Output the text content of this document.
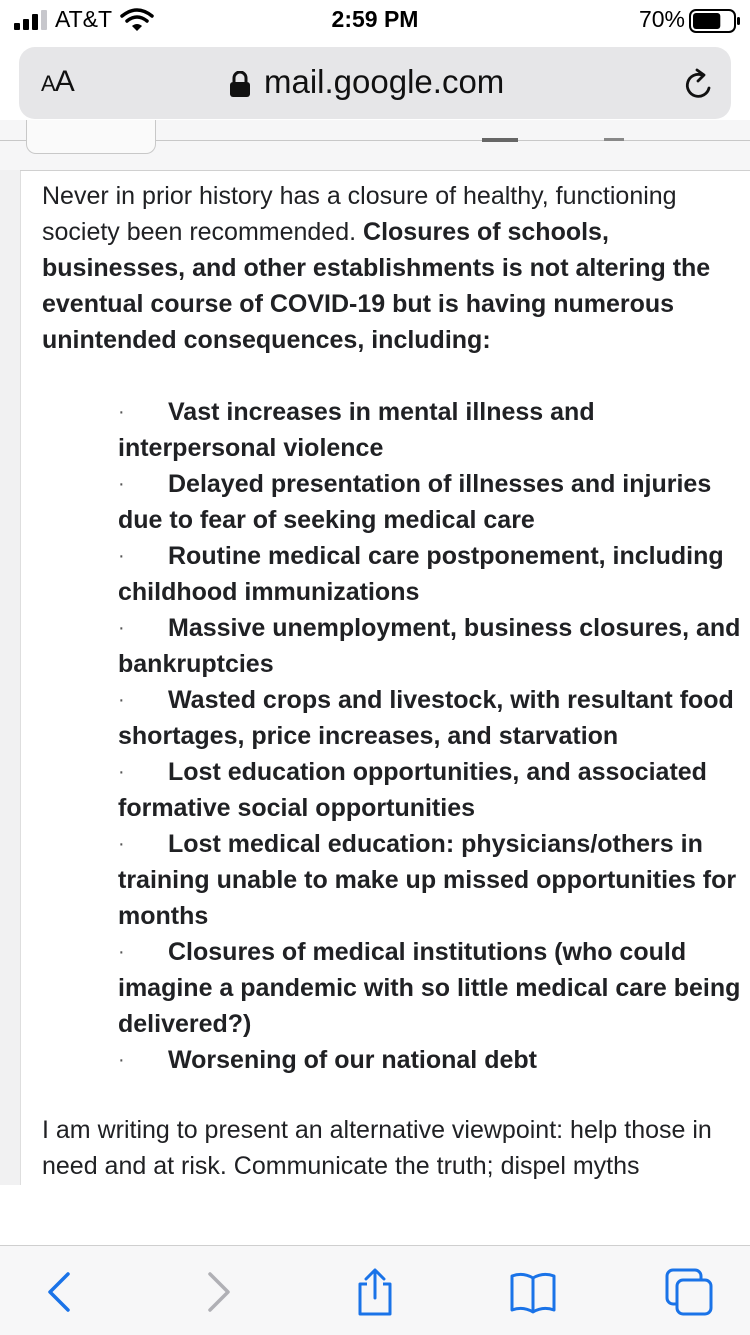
AT&T	2:59 PM	70%
AA	mail.google.com

Never in prior history has a closure of healthy, functioning society been recommended. Closures of schools, businesses, and other establishments is not altering the eventual course of COVID-19 but is having numerous unintended consequences, including:

· Vast increases in mental illness and interpersonal violence
· Delayed presentation of illnesses and injuries due to fear of seeking medical care
· Routine medical care postponement, including childhood immunizations
· Massive unemployment, business closures, and bankruptcies
· Wasted crops and livestock, with resultant food shortages, price increases, and starvation
· Lost education opportunities, and associated formative social opportunities
· Lost medical education: physicians/others in training unable to make up missed opportunities for months
· Closures of medical institutions (who could imagine a pandemic with so little medical care being delivered?)
· Worsening of our national debt

I am writing to present an alternative viewpoint: help those in need and at risk. Communicate the truth; dispel myths
